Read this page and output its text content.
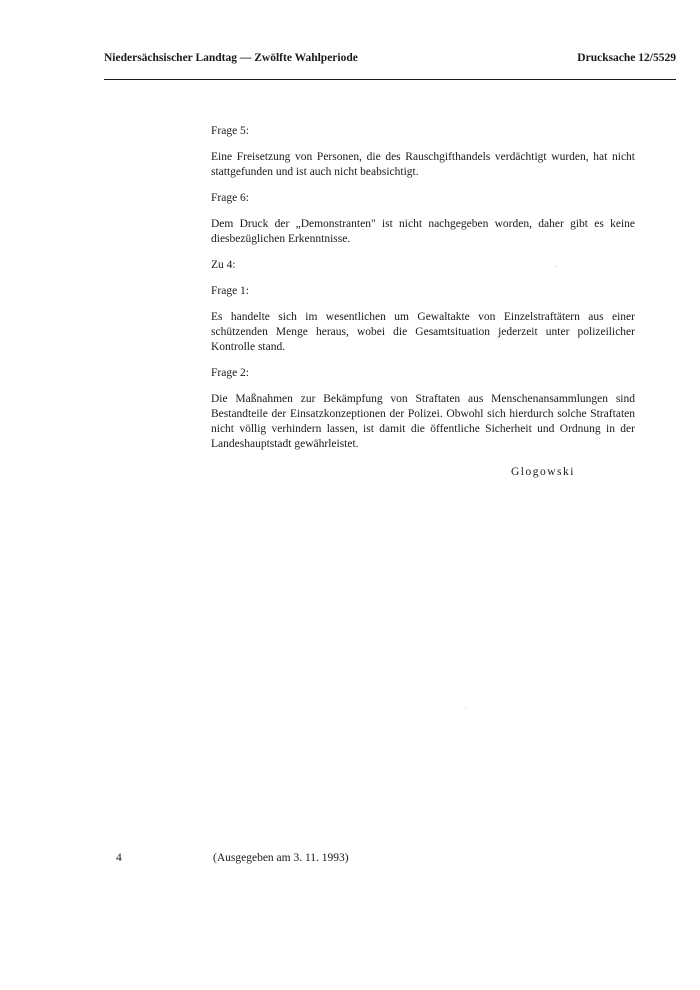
Niedersächsischer Landtag — Zwölfte Wahlperiode	Drucksache 12/5529

Frage 5:

Eine Freisetzung von Personen, die des Rauschgifthandels verdächtigt wurden, hat nicht stattgefunden und ist auch nicht beabsichtigt.

Frage 6:

Dem Druck der „Demonstranten" ist nicht nachgegeben worden, daher gibt es keine diesbezüglichen Erkenntnisse.

Zu 4:

Frage 1:

Es handelte sich im wesentlichen um Gewaltakte von Einzelstraftätern aus einer schützenden Menge heraus, wobei die Gesamtsituation jederzeit unter polizeilicher Kontrolle stand.

Frage 2:

Die Maßnahmen zur Bekämpfung von Straftaten aus Menschenansammlungen sind Bestandteile der Einsatzkonzeptionen der Polizei. Obwohl sich hierdurch solche Straftaten nicht völlig verhindern lassen, ist damit die öffentliche Sicherheit und Ordnung in der Landeshauptstadt gewährleistet.

Glogowski
4	(Ausgegeben am 3. 11. 1993)
